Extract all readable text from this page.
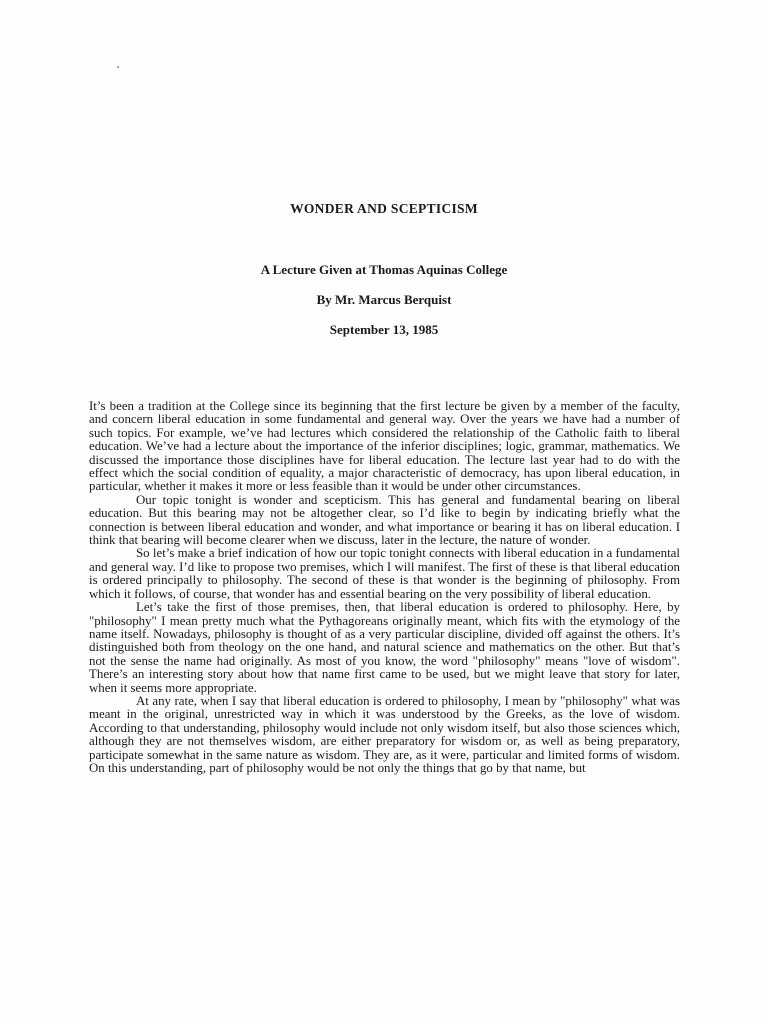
WONDER AND SCEPTICISM
A Lecture Given at Thomas Aquinas College
By Mr. Marcus Berquist
September 13, 1985

It’s been a tradition at the College since its beginning that the first lecture be given by a member of the faculty, and concern liberal education in some fundamental and general way. Over the years we have had a number of such topics. For example, we’ve had lectures which considered the relationship of the Catholic faith to liberal education. We’ve had a lecture about the importance of the inferior disciplines; logic, grammar, mathematics. We discussed the importance those disciplines have for liberal education. The lecture last year had to do with the effect which the social condition of equality, a major characteristic of democracy, has upon liberal education, in particular, whether it makes it more or less feasible than it would be under other circumstances.

Our topic tonight is wonder and scepticism. This has general and fundamental bearing on liberal education. But this bearing may not be altogether clear, so I’d like to begin by indicating briefly what the connection is between liberal education and wonder, and what importance or bearing it has on liberal education. I think that bearing will become clearer when we discuss, later in the lecture, the nature of wonder.

So let’s make a brief indication of how our topic tonight connects with liberal education in a fundamental and general way. I’d like to propose two premises, which I will manifest. The first of these is that liberal education is ordered principally to philosophy. The second of these is that wonder is the beginning of philosophy. From which it follows, of course, that wonder has and essential bearing on the very possibility of liberal education.

Let’s take the first of those premises, then, that liberal education is ordered to philosophy. Here, by "philosophy" I mean pretty much what the Pythagoreans originally meant, which fits with the etymology of the name itself. Nowadays, philosophy is thought of as a very particular discipline, divided off against the others. It’s distinguished both from theology on the one hand, and natural science and mathematics on the other. But that’s not the sense the name had originally. As most of you know, the word "philosophy" means "love of wisdom". There’s an interesting story about how that name first came to be used, but we might leave that story for later, when it seems more appropriate.

At any rate, when I say that liberal education is ordered to philosophy, I mean by "philosophy" what was meant in the original, unrestricted way in which it was understood by the Greeks, as the love of wisdom. According to that understanding, philosophy would include not only wisdom itself, but also those sciences which, although they are not themselves wisdom, are either preparatory for wisdom or, as well as being preparatory, participate somewhat in the same nature as wisdom. They are, as it were, particular and limited forms of wisdom. On this understanding, part of philosophy would be not only the things that go by that name, but
